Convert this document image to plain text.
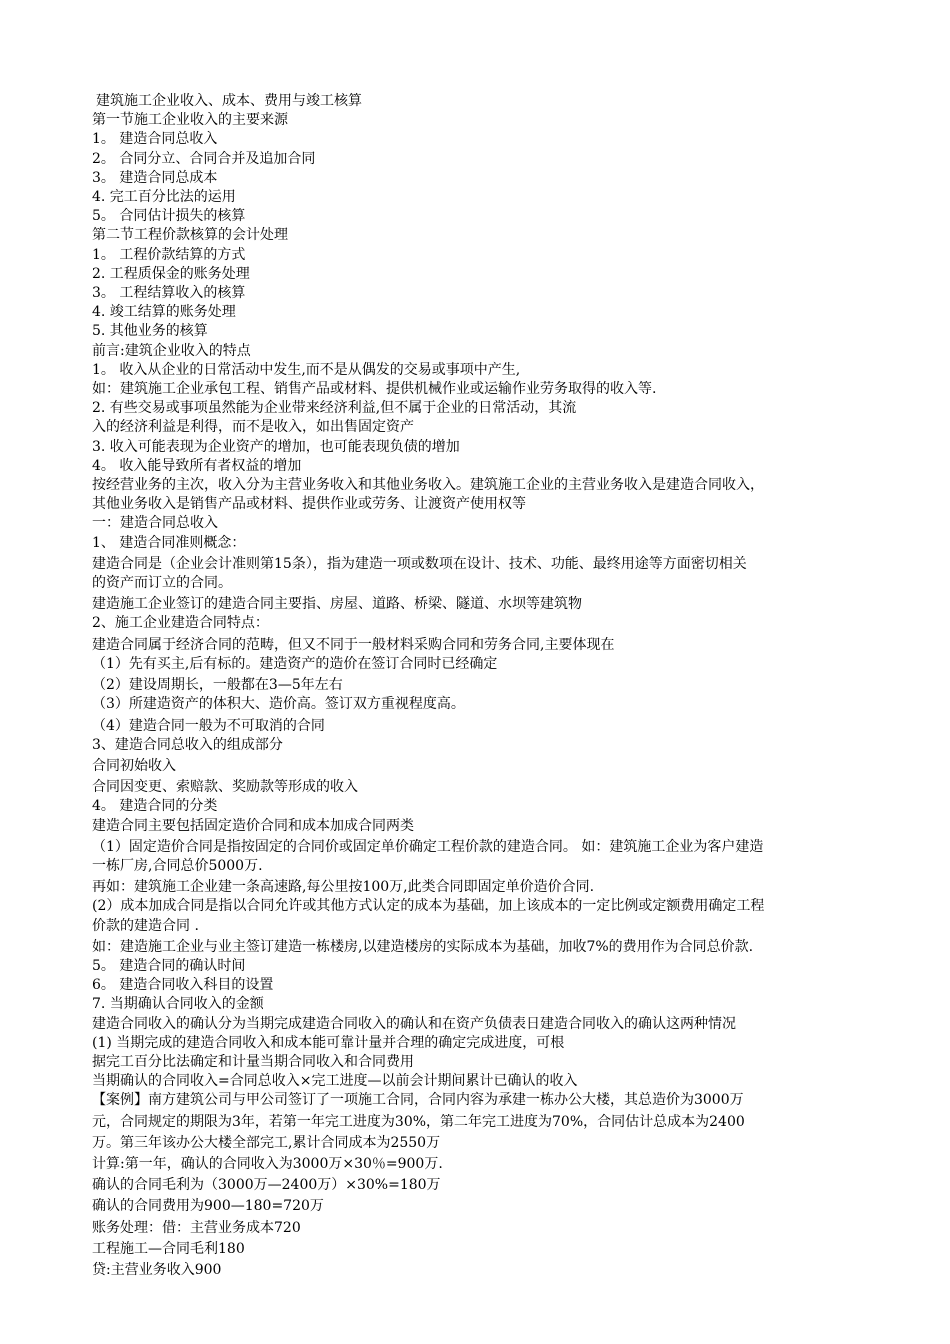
建筑施工企业收入、成本、费用与竣工核算
第一节施工企业收入的主要来源
1。 建造合同总收入
2。 合同分立、合同合并及追加合同
3。 建造合同总成本
4. 完工百分比法的运用
5。 合同估计损失的核算
第二节工程价款核算的会计处理
1。 工程价款结算的方式
2. 工程质保金的账务处理
3。 工程结算收入的核算
4. 竣工结算的账务处理
5. 其他业务的核算
前言:建筑企业收入的特点
1。 收入从企业的日常活动中发生,而不是从偶发的交易或事项中产生,
如：建筑施工企业承包工程、销售产品或材料、提供机械作业或运输作业劳务取得的收入等.
2. 有些交易或事项虽然能为企业带来经济利益,但不属于企业的日常活动，其流
入的经济利益是利得，而不是收入，如出售固定资产
3. 收入可能表现为企业资产的增加，也可能表现负债的增加
4。 收入能导致所有者权益的增加
按经营业务的主次，收入分为主营业务收入和其他业务收入。建筑施工企业的主营业务收入是建造合同收入，
其他业务收入是销售产品或材料、提供作业或劳务、让渡资产使用权等
一：建造合同总收入
1、 建造合同准则概念：
建造合同是（企业会计准则第15条），指为建造一项或数项在设计、技术、功能、最终用途等方面密切相关
的资产而订立的合同。
建造施工企业签订的建造合同主要指、房屋、道路、桥梁、隧道、水坝等建筑物
2、施工企业建造合同特点：
建造合同属于经济合同的范畴，但又不同于一般材料采购合同和劳务合同,主要体现在
（1）先有买主,后有标的。建造资产的造价在签订合同时已经确定
（2）建设周期长，一般都在3—5年左右
（3）所建造资产的体积大、造价高。签订双方重视程度高。
（4）建造合同一般为不可取消的合同
3、建造合同总收入的组成部分
合同初始收入
合同因变更、索赔款、奖励款等形成的收入
4。 建造合同的分类
建造合同主要包括固定造价合同和成本加成合同两类
（1）固定造价合同是指按固定的合同价或固定单价确定工程价款的建造合同。 如：建筑施工企业为客户建造
一栋厂房,合同总价5000万.
再如：建筑施工企业建一条高速路,每公里按100万,此类合同即固定单价造价合同.
(2）成本加成合同是指以合同允许或其他方式认定的成本为基础，加上该成本的一定比例或定额费用确定工程
价款的建造合同 .
如：建造施工企业与业主签订建造一栋楼房,以建造楼房的实际成本为基础，加收7%的费用作为合同总价款.
5。 建造合同的确认时间
6。 建造合同收入科目的设置
7. 当期确认合同收入的金额
建造合同收入的确认分为当期完成建造合同收入的确认和在资产负债表日建造合同收入的确认这两种情况
(1) 当期完成的建造合同收入和成本能可靠计量并合理的确定完成进度，可根
据完工百分比法确定和计量当期合同收入和合同费用
当期确认的合同收入=合同总收入×完工进度—以前会计期间累计已确认的收入
【案例】南方建筑公司与甲公司签订了一项施工合同，合同内容为承建一栋办公大楼，其总造价为3000万
元，合同规定的期限为3年，若第一年完工进度为30%，第二年完工进度为70%，合同估计总成本为2400
万。第三年该办公大楼全部完工,累计合同成本为2550万
计算:第一年，确认的合同收入为3000万×30％=900万.
确认的合同毛利为（3000万—2400万）×30%=180万
确认的合同费用为900—180=720万
账务处理：借：主营业务成本720
工程施工—合同毛利180
贷:主营业务收入900
